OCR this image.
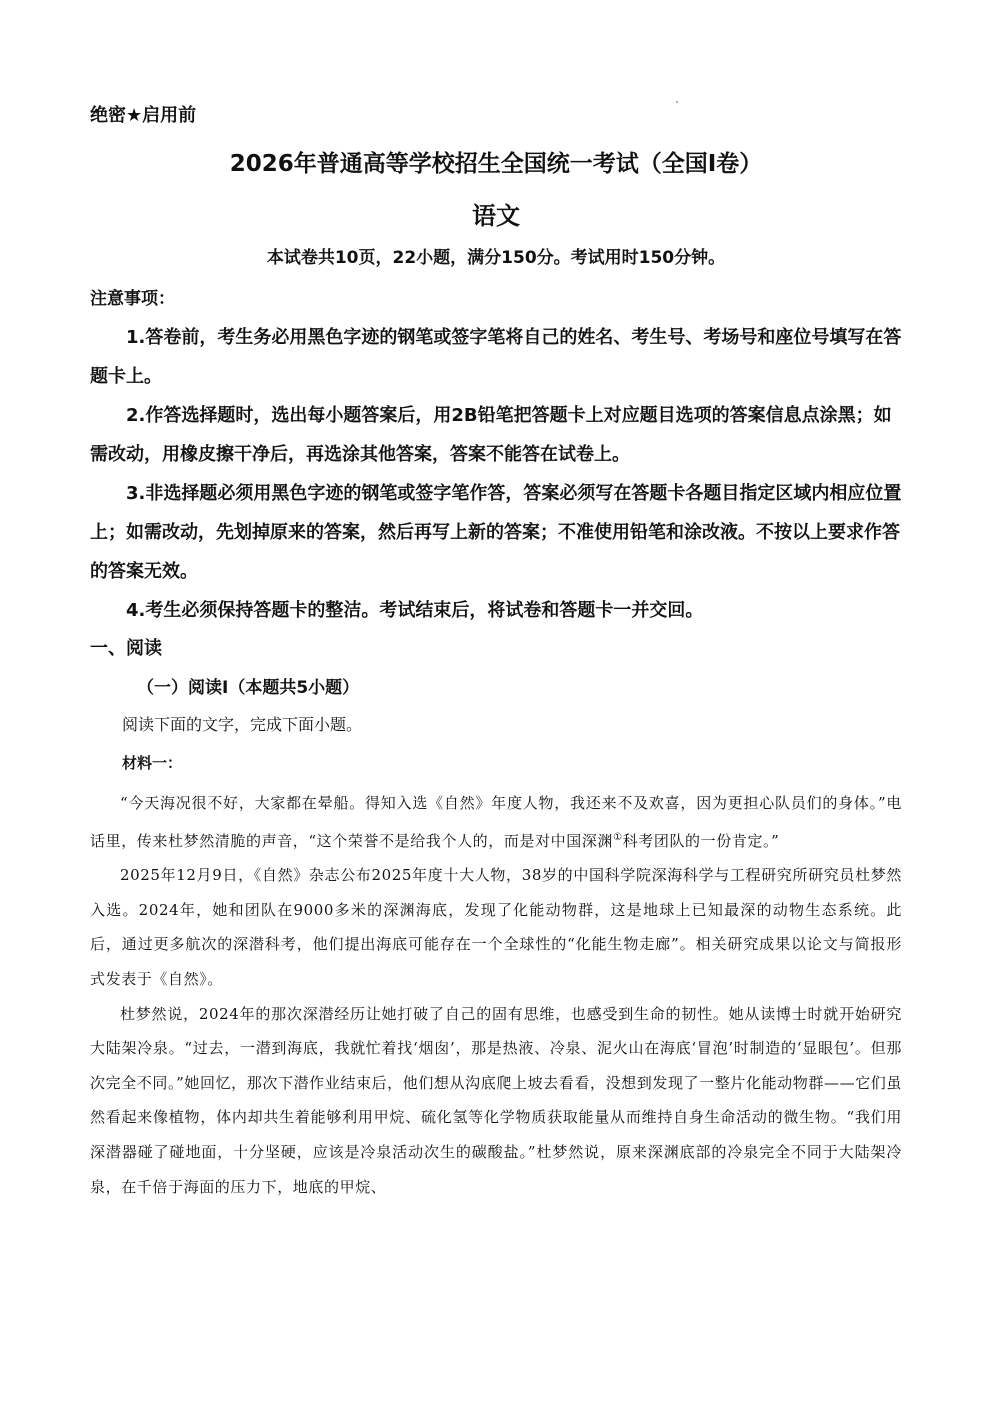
绝密★启用前
2026年普通高等学校招生全国统一考试（全国I卷）
语文
本试卷共10页，22小题，满分150分。考试用时150分钟。
注意事项：

1.答卷前，考生务必用黑色字迹的钢笔或签字笔将自己的姓名、考生号、考场号和座位号填写在答题卡上。

2.作答选择题时，选出每小题答案后，用2B铅笔把答题卡上对应题目选项的答案信息点涂黑；如需改动，用橡皮擦干净后，再选涂其他答案，答案不能答在试卷上。

3.非选择题必须用黑色字迹的钢笔或签字笔作答，答案必须写在答题卡各题目指定区域内相应位置上；如需改动，先划掉原来的答案，然后再写上新的答案；不准使用铅笔和涂改液。不按以上要求作答的答案无效。

4.考生必须保持答题卡的整洁。考试结束后，将试卷和答题卡一并交回。

一、阅读
（一）阅读I（本题共5小题）
阅读下面的文字，完成下面小题。
材料一：

“今天海况很不好，大家都在晕船。得知入选《自然》年度人物，我还来不及欢喜，因为更担心队员们的身体。”电话里，传来杜梦然清脆的声音，“这个荣誉不是给我个人的，而是对中国深渊①科考团队的一份肯定。”

2025年12月9日，《自然》杂志公布2025年度十大人物，38岁的中国科学院深海科学与工程研究所研究员杜梦然入选。2024年，她和团队在9000多米的深渊海底，发现了化能动物群，这是地球上已知最深的动物生态系统。此后，通过更多航次的深潜科考，他们提出海底可能存在一个全球性的“化能生物走廊”。相关研究成果以论文与简报形式发表于《自然》。

杜梦然说，2024年的那次深潜经历让她打破了自己的固有思维，也感受到生命的韧性。她从读博士时就开始研究大陆架冷泉。“过去，一潜到海底，我就忙着找‘烟囱’，那是热液、冷泉、泥火山在海底‘冒泡’时制造的‘显眼包’。但那次完全不同。”她回忆，那次下潜作业结束后，他们想从沟底爬上坡去看看，没想到发现了一整片化能动物群——它们虽然看起来像植物，体内却共生着能够利用甲烷、硫化氢等化学物质获取能量从而维持自身生命活动的微生物。“我们用深潜器碰了碰地面，十分坚硬，应该是冷泉活动次生的碳酸盐。”杜梦然说，原来深渊底部的冷泉完全不同于大陆架冷泉，在千倍于海面的压力下，地底的甲烷、
